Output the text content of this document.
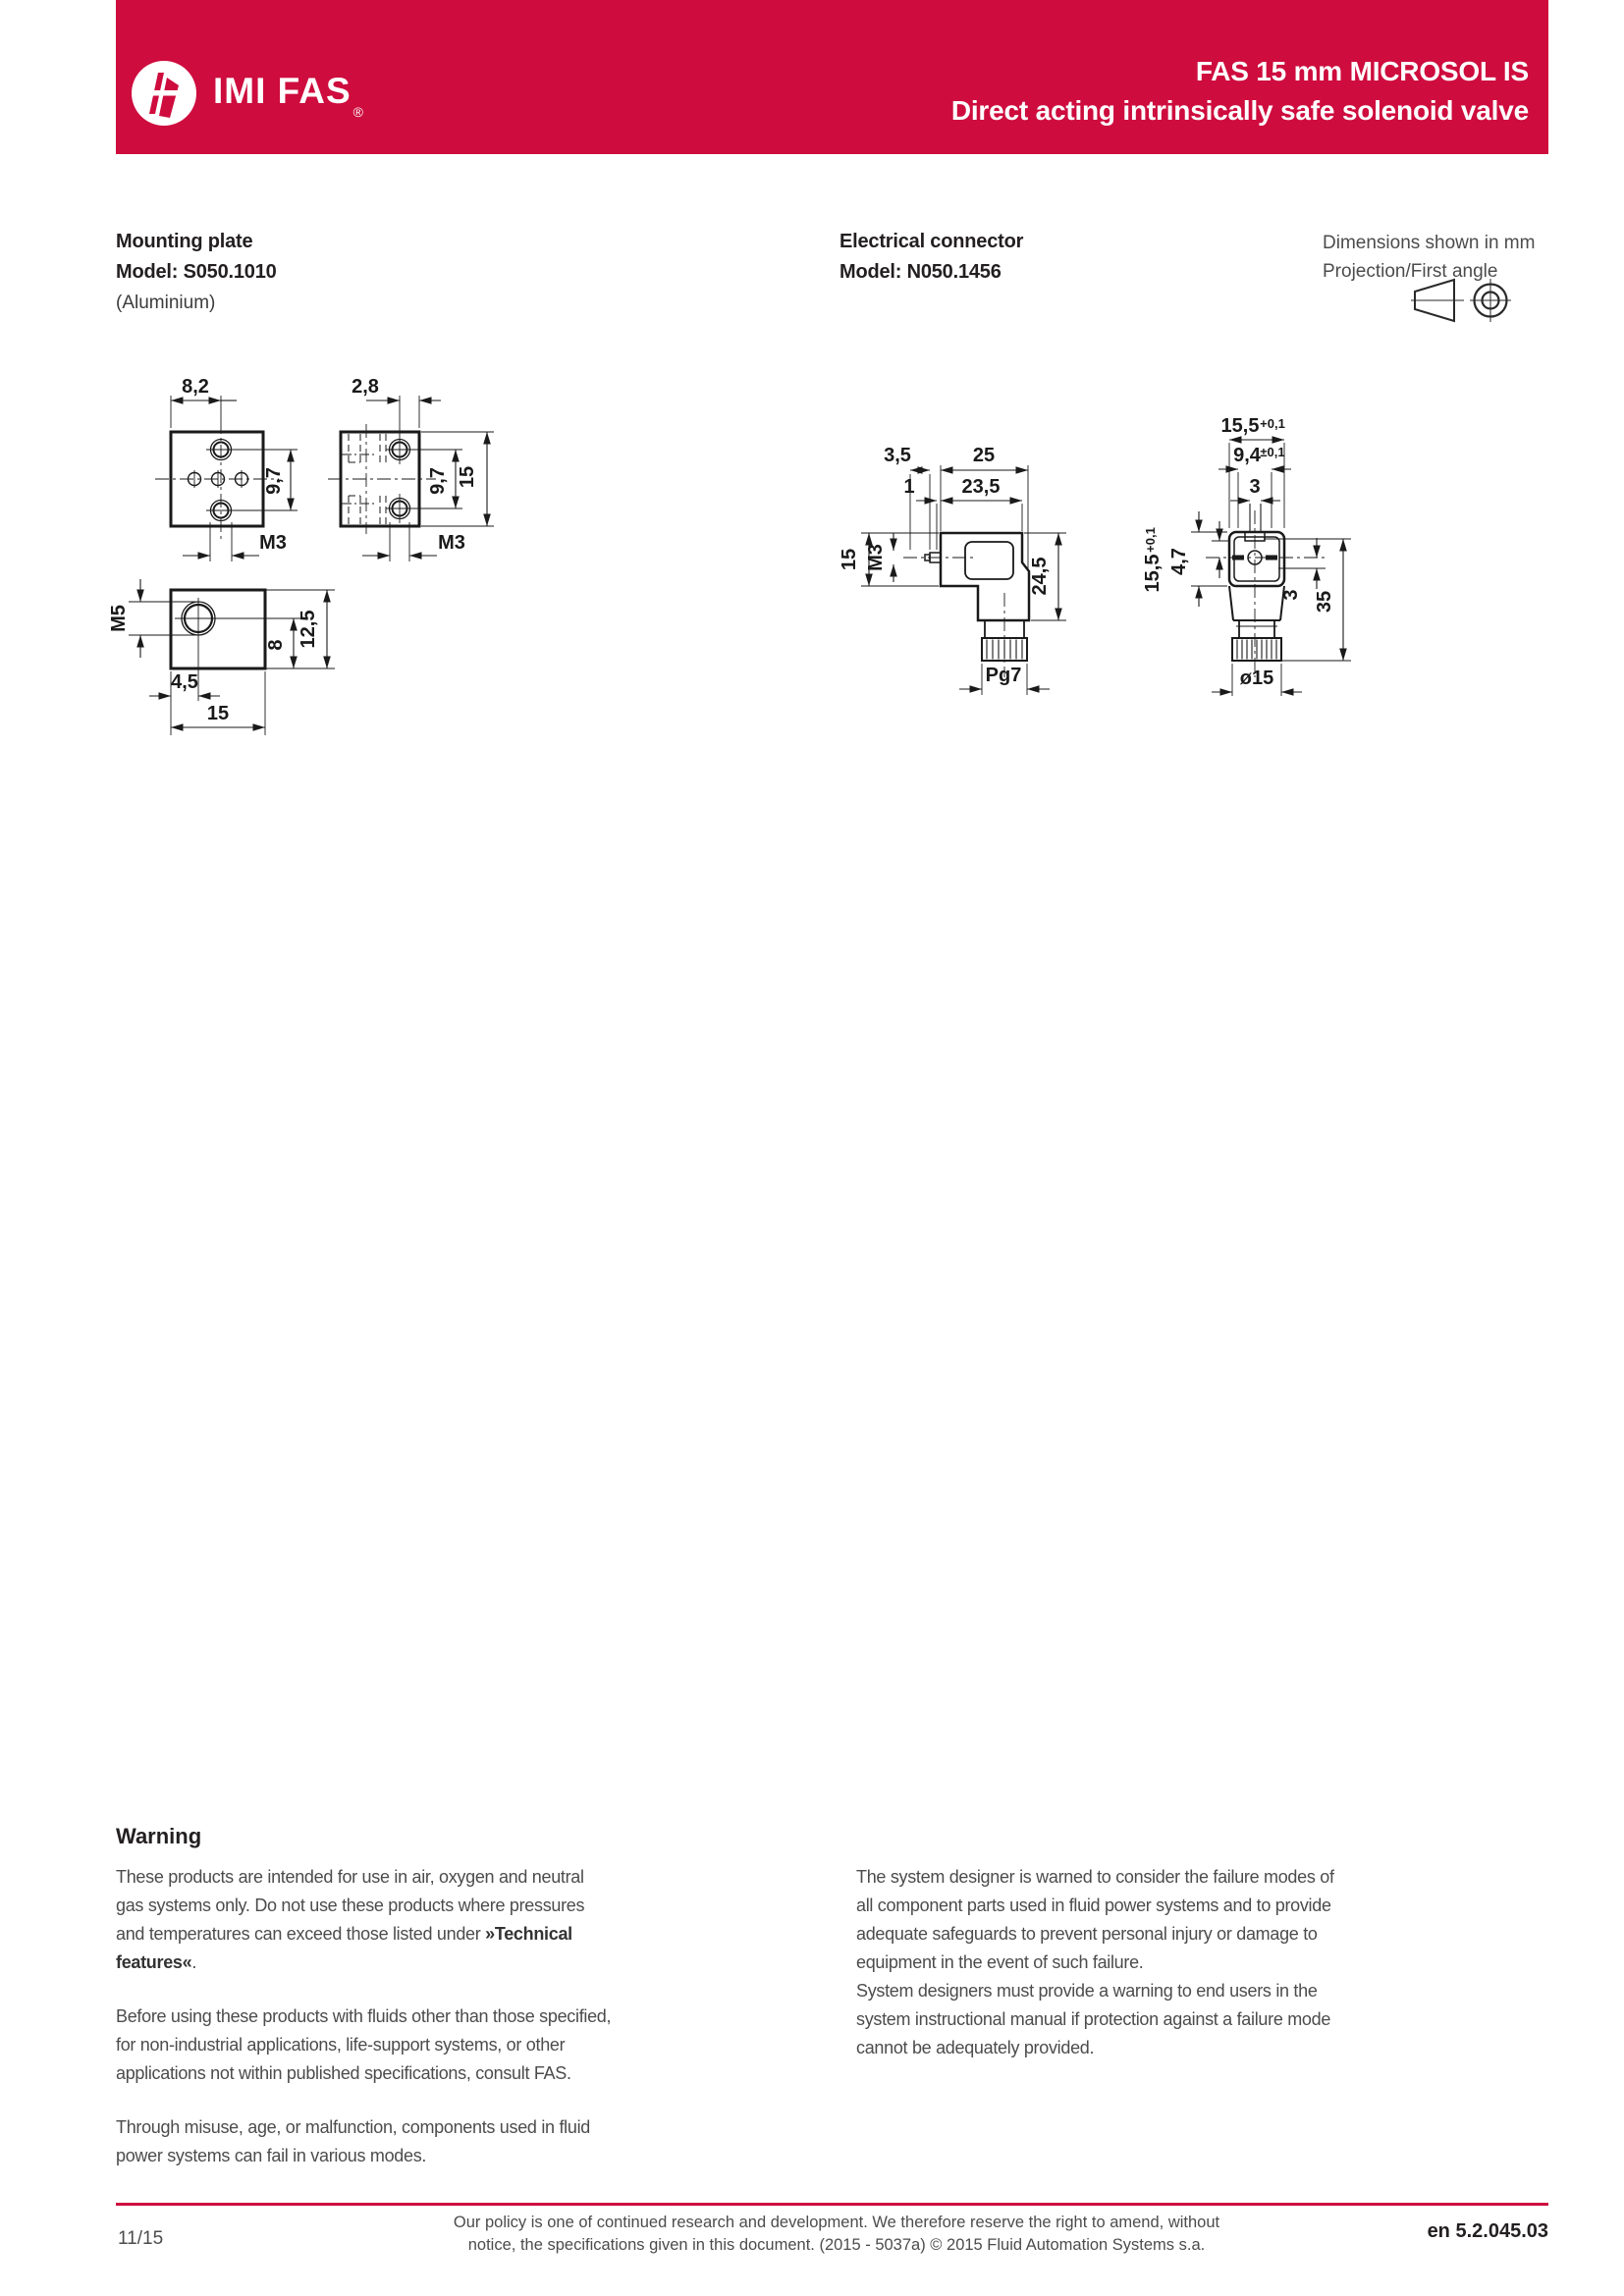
IMI FAS®
FAS 15 mm MICROSOL IS
Direct acting intrinsically safe solenoid valve
Mounting plate
Model: S050.1010
(Aluminium)
Electrical connector
Model: N050.1456
Dimensions shown in mm
Projection/First angle
8,2
9,7
M3
2,8
9,7 15
M3
M5	12,5
8
4,5
15
3,5	25
1 23,5
15 M3	24,5
Pg7
15,5 +0,1
9,4 ±0,1
3
15,5
+0,1
4,7
3 35
ø15
Warning

These products are intended for use in air, oxygen and neutral gas systems only. Do not use these products where pressures and temperatures can exceed those listed under »Technical features«.

Before using these products with fluids other than those specified, for non-industrial applications, life-support systems, or other applications not within published specifications, consult FAS.

Through misuse, age, or malfunction, components used in fluid power systems can fail in various modes.

The system designer is warned to consider the failure modes of all component parts used in fluid power systems and to provide adequate safeguards to prevent personal injury or damage to equipment in the event of such failure.

System designers must provide a warning to end users in the system instructional manual if protection against a failure mode cannot be adequately provided.

11/15
Our policy is one of continued research and development. We therefore reserve the right to amend, without
notice, the specifications given in this document. (2015 - 5037a) © 2015 Fluid Automation Systems s.a.
en 5.2.045.03
